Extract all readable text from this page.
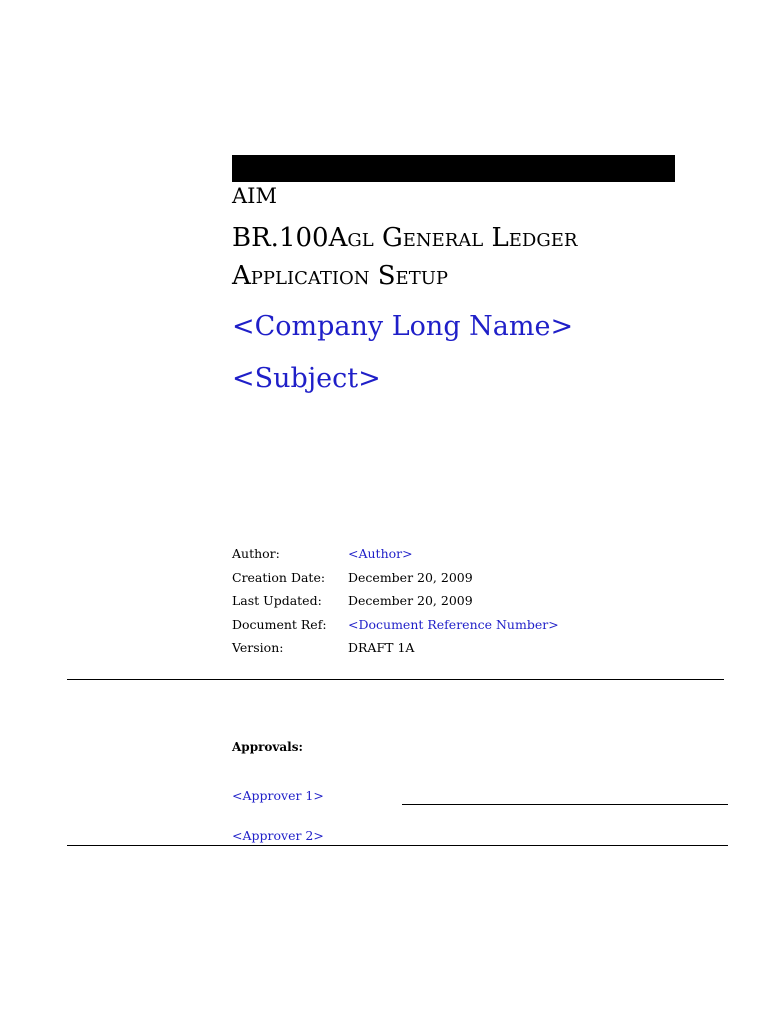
AIM
BR.100Agl General Ledger
Application Setup
<Company Long Name>
<Subject>
Author:	<Author>
Creation Date:	December 20, 2009
Last Updated:	December 20, 2009
Document Ref:	<Document Reference Number>
Version:	DRAFT 1A
Approvals:
<Approver 1>
<Approver 2>
